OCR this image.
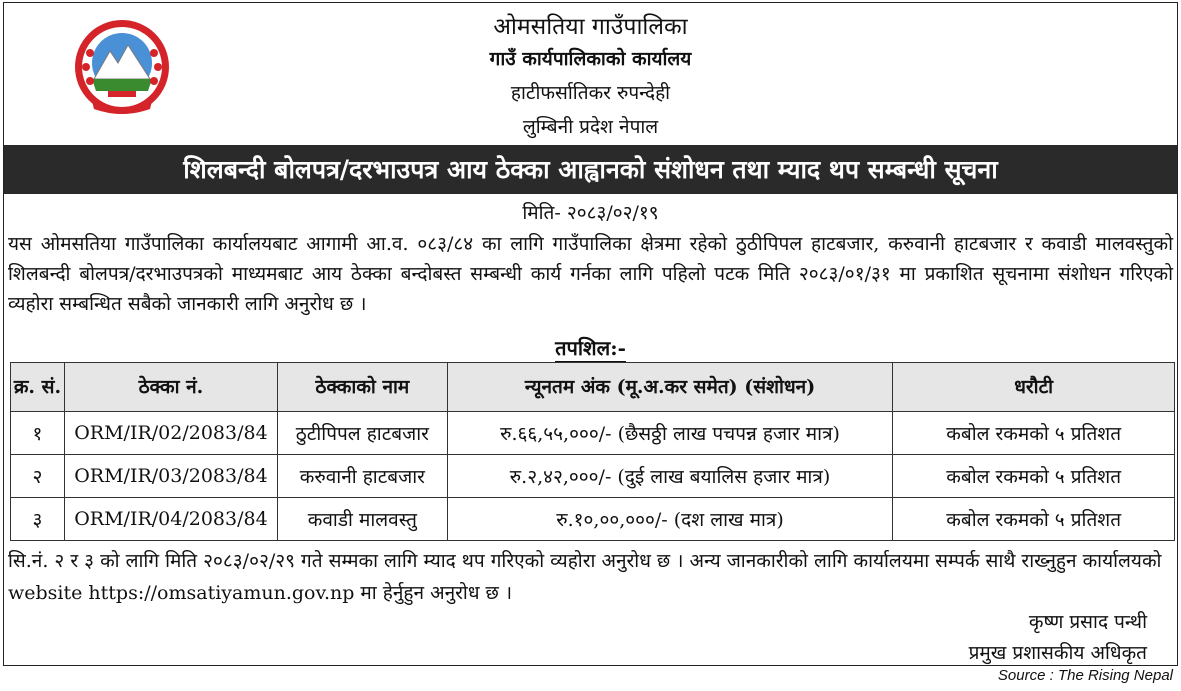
ओमसतिया गाउँपालिका
गाउँ कार्यपालिकाको कार्यालय
हाटीफर्सातिकर रुपन्देही
लुम्बिनी प्रदेश नेपाल
शिलबन्दी बोलपत्र/दरभाउपत्र आय ठेक्का आह्वानको संशोधन तथा म्याद थप सम्बन्धी सूचना
मिति- २०८३/०२/१९
यस ओमसतिया गाउँपालिका कार्यालयबाट आगामी आ.व. ०८३/८४ का लागि गाउँपालिका क्षेत्रमा रहेको ठुठीपिपल हाटबजार, करुवानी हाटबजार र कवाडी मालवस्तुको शिलबन्दी बोलपत्र/दरभाउपत्रको माध्यमबाट आय ठेक्का बन्दोबस्त सम्बन्धी कार्य गर्नका लागि पहिलो पटक मिति २०८३/०१/३१ मा प्रकाशित सूचनामा संशोधन गरिएको व्यहोरा सम्बन्धित सबैको जानकारी लागि अनुरोध छ ।
तपशिल:-
क्र. सं.	ठेक्का नं.	ठेक्काको नाम	न्यूनतम अंक (मू.अ.कर समेत) (संशोधन)	धरौटी
१	ORM/IR/02/2083/84	ठुटीपिपल हाटबजार	रु.६६,५५,०००/- (छैसठ्ठी लाख पचपन्न हजार मात्र)	कबोल रकमको ५ प्रतिशत
२	ORM/IR/03/2083/84	करुवानी हाटबजार	रु.२,४२,०००/- (दुई लाख बयालिस हजार मात्र)	कबोल रकमको ५ प्रतिशत
३	ORM/IR/04/2083/84	कवाडी मालवस्तु	रु.१०,००,०००/- (दश लाख मात्र)	कबोल रकमको ५ प्रतिशत
सि.नं. २ र ३ को लागि मिति २०८३/०२/२९ गते सम्मका लागि म्याद थप गरिएको व्यहोरा अनुरोध छ । अन्य जानकारीको लागि कार्यालयमा सम्पर्क साथै राख्नुहुन कार्यालयको website https://omsatiyamun.gov.np मा हेर्नुहुन अनुरोध छ ।
कृष्ण प्रसाद पन्थी
प्रमुख प्रशासकीय अधिकृत
Source : The Rising Nepal
